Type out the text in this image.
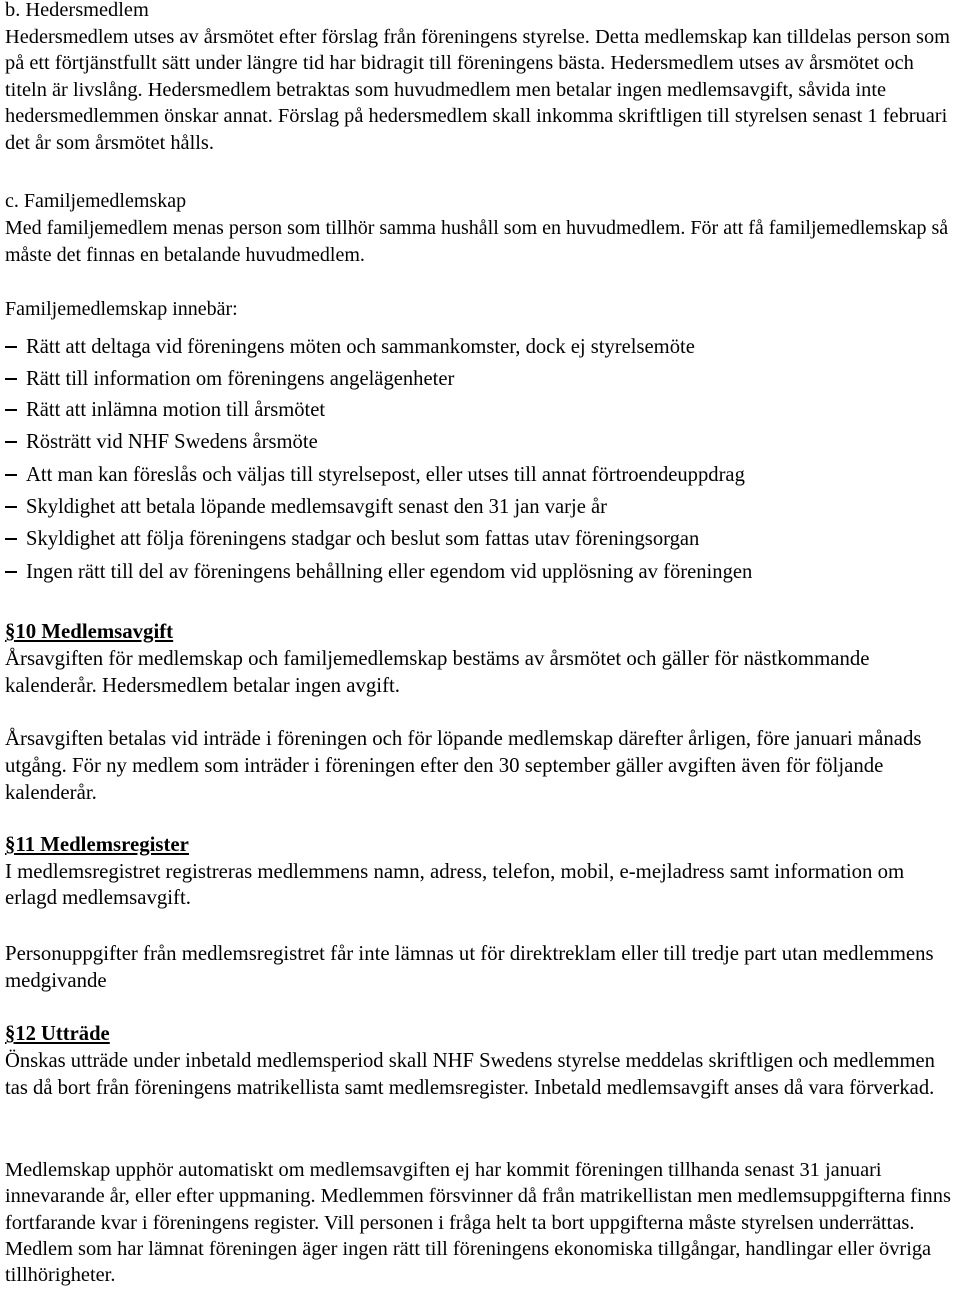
b. Hedersmedlem

Hedersmedlem utses av årsmötet efter förslag från föreningens styrelse. Detta medlemskap kan tilldelas person som på ett förtjänstfullt sätt under längre tid har bidragit till föreningens bästa. Hedersmedlem utses av årsmötet och titeln är livslång. Hedersmedlem betraktas som huvudmedlem men betalar ingen medlemsavgift, såvida inte hedersmedlemmen önskar annat. Förslag på hedersmedlem skall inkomma skriftligen till styrelsen senast 1 februari det år som årsmötet hålls.

c. Familjemedlemskap

Med familjemedlem menas person som tillhör samma hushåll som en huvudmedlem. För att få familjemedlemskap så måste det finnas en betalande huvudmedlem.

Familjemedlemskap innebär:

Rätt att deltaga vid föreningens möten och sammankomster, dock ej styrelsemöte
Rätt till information om föreningens angelägenheter
Rätt att inlämna motion till årsmötet
Rösträtt vid NHF Swedens årsmöte
Att man kan föreslås och väljas till styrelsepost, eller utses till annat förtroendeuppdrag
Skyldighet att betala löpande medlemsavgift senast den 31 jan varje år
Skyldighet att följa föreningens stadgar och beslut som fattas utav föreningsorgan
Ingen rätt till del av föreningens behållning eller egendom vid upplösning av föreningen

§10 Medlemsavgift

Årsavgiften för medlemskap och familjemedlemskap bestäms av årsmötet och gäller för nästkommande kalenderår. Hedersmedlem betalar ingen avgift.

Årsavgiften betalas vid inträde i föreningen och för löpande medlemskap därefter årligen, före januari månads utgång. För ny medlem som inträder i föreningen efter den 30 september gäller avgiften även för följande kalenderår.

§11 Medlemsregister

I medlemsregistret registreras medlemmens namn, adress, telefon, mobil, e-mejladress samt information om erlagd medlemsavgift.

Personuppgifter från medlemsregistret får inte lämnas ut för direktreklam eller till tredje part utan medlemmens medgivande

§12 Utträde

Önskas utträde under inbetald medlemsperiod skall NHF Swedens styrelse meddelas skriftligen och medlemmen tas då bort från föreningens matrikellista samt medlemsregister. Inbetald medlemsavgift anses då vara förverkad.

Medlemskap upphör automatiskt om medlemsavgiften ej har kommit föreningen tillhanda senast 31 januari innevarande år, eller efter uppmaning. Medlemmen försvinner då från matrikellistan men medlemsuppgifterna finns fortfarande kvar i föreningens register. Vill personen i fråga helt ta bort uppgifterna måste styrelsen underrättas. Medlem som har lämnat föreningen äger ingen rätt till föreningens ekonomiska tillgångar, handlingar eller övriga tillhörigheter.
